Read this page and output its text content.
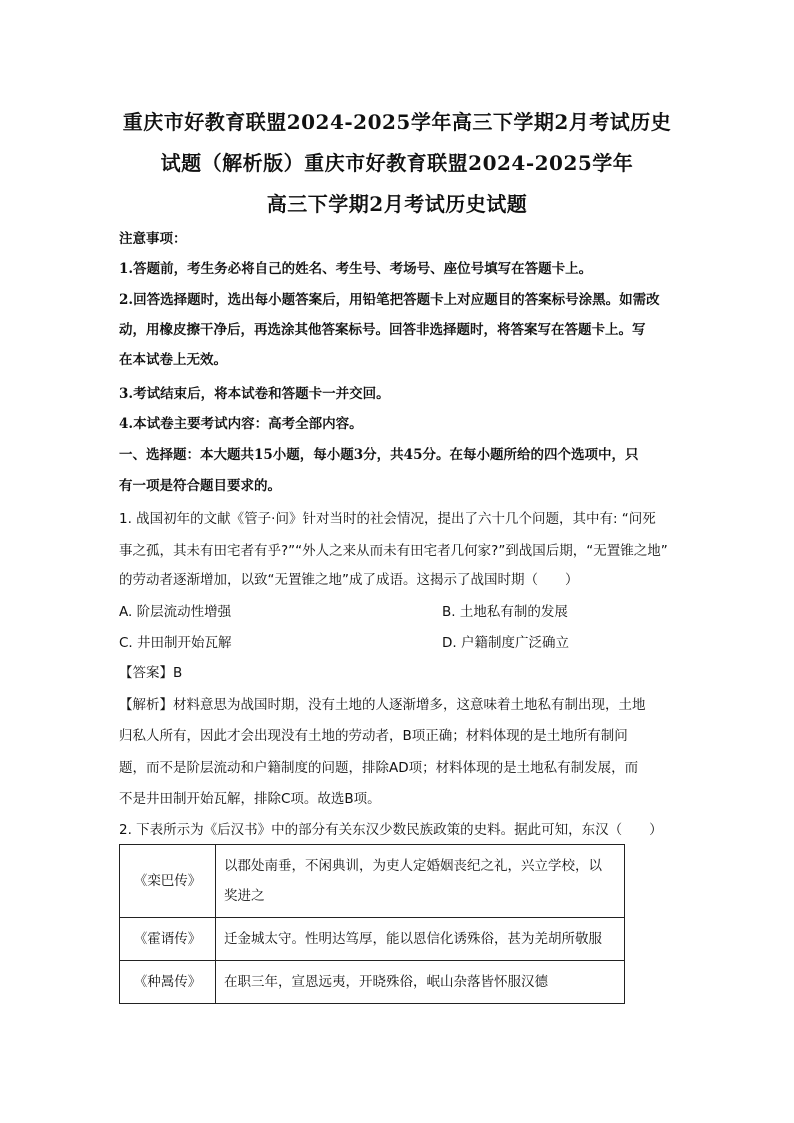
重庆市好教育联盟2024-2025学年高三下学期2月考试历史
试题（解析版）重庆市好教育联盟2024-2025学年
高三下学期2月考试历史试题
注意事项：
1.答题前，考生务必将自己的姓名、考生号、考场号、座位号填写在答题卡上。
2.回答选择题时，选出每小题答案后，用铅笔把答题卡上对应题目的答案标号涂黑。如需改
动，用橡皮擦干净后，再选涂其他答案标号。回答非选择题时，将答案写在答题卡上。写
在本试卷上无效。
3.考试结束后，将本试卷和答题卡一并交回。
4.本试卷主要考试内容：高考全部内容。
一、选择题：本大题共15小题，每小题3分，共45分。在每小题所给的四个选项中，只
有一项是符合题目要求的。
1. 战国初年的文献《管子·问》针对当时的社会情况，提出了六十几个问题，其中有: “问死
事之孤，其未有田宅者有乎?”“外人之来从而未有田宅者几何家?”到战国后期，“无置锥之地”
的劳动者逐渐增加，以致“无置锥之地”成了成语。这揭示了战国时期（　　）
A. 阶层流动性增强	B. 土地私有制的发展
C. 井田制开始瓦解	D. 户籍制度广泛确立
【答案】B
【解析】材料意思为战国时期，没有土地的人逐渐增多，这意味着土地私有制出现，土地
归私人所有，因此才会出现没有土地的劳动者，B项正确；材料体现的是土地所有制问
题，而不是阶层流动和户籍制度的问题，排除AD项；材料体现的是土地私有制发展，而
不是井田制开始瓦解，排除C项。故选B项。
2. 下表所示为《后汉书》中的部分有关东汉少数民族政策的史料。据此可知，东汉（　　）
《栾巴传》	以郡处南垂，不闲典训，为吏人定婚姻丧纪之礼，兴立学校，以
奖进之

《霍谞传》	迁金城太守。性明达笃厚，能以恩信化诱殊俗，甚为羌胡所敬服
《种暠传》	在职三年，宣恩远夷，开晓殊俗，岷山杂落皆怀服汉德
